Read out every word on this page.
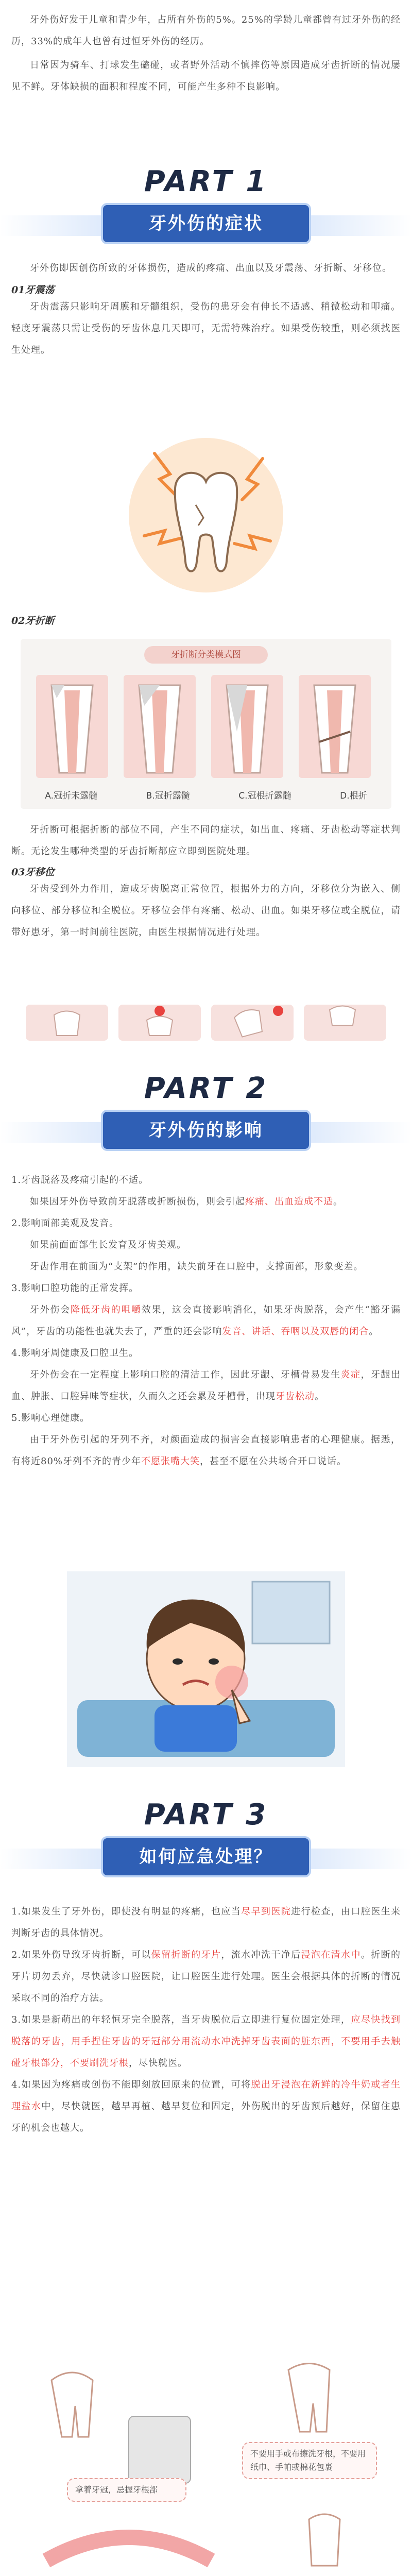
牙外伤好发于儿童和青少年，占所有外伤的5%。25%的学龄儿童都曾有过牙外伤的经历，33%的成年人也曾有过恒牙外伤的经历。

日常因为骑车、打球发生磕碰，或者野外活动不慎摔伤等原因造成牙齿折断的情况屡见不鲜。牙体缺损的面积和程度不同，可能产生多种不良影响。

PART 1
牙外伤的症状

牙外伤即因创伤所致的牙体损伤，造成的疼痛、出血以及牙震荡、牙折断、牙移位。

01牙震荡

牙齿震荡只影响牙周膜和牙髓组织，受伤的患牙会有伸长不适感、稍微松动和叩痛。轻度牙震荡只需让受伤的牙齿休息几天即可，无需特殊治疗。如果受伤较重，则必须找医生处理。

02牙折断
牙折断分类模式图
A.冠折未露髓	B.冠折露髓	C.冠根折露髓	D.根折

牙折断可根据折断的部位不同，产生不同的症状，如出血、疼痛、牙齿松动等症状判断。无论发生哪种类型的牙齿折断都应立即到医院处理。

03牙移位

牙齿受到外力作用，造成牙齿脱离正常位置，根据外力的方向，牙移位分为嵌入、侧向移位、部分移位和全脱位。牙移位会伴有疼痛、松动、出血。如果牙移位或全脱位，请带好患牙，第一时间前往医院，由医生根据情况进行处理。

PART 2
牙外伤的影响

1.牙齿脱落及疼痛引起的不适。

如果因牙外伤导致前牙脱落或折断损伤，则会引起疼痛、出血造成不适。

2.影响面部美观及发音。

如果前面面部生长发育及牙齿美观。

牙齿作用在前面为“支架”的作用，缺失前牙在口腔中，支撑面部，形象变差。

3.影响口腔功能的正常发挥。

牙外伤会降低牙齿的咀嚼效果，这会直接影响消化，如果牙齿脱落，会产生“豁牙漏风”，牙齿的功能性也就失去了，严重的还会影响发音、讲话、吞咽以及双唇的闭合。

4.影响牙周健康及口腔卫生。

牙外伤会在一定程度上影响口腔的清洁工作，因此牙龈、牙槽骨易发生炎症，牙龈出血、肿胀、口腔异味等症状，久而久之还会累及牙槽骨，出现牙齿松动。

5.影响心理健康。

由于牙外伤引起的牙列不齐，对颜面造成的损害会直接影响患者的心理健康。据悉，有将近80%牙列不齐的青少年不愿张嘴大笑，甚至不愿在公共场合开口说话。

PART 3
如何应急处理？

1.如果发生了牙外伤，即使没有明显的疼痛，也应当尽早到医院进行检查，由口腔医生来判断牙齿的具体情况。

2.如果外伤导致牙齿折断，可以保留折断的牙片，流水冲洗干净后浸泡在清水中。折断的牙片切勿丢弃，尽快就诊口腔医院，让口腔医生进行处理。医生会根据具体的折断的情况采取不同的治疗方法。

3.如果是新萌出的年轻恒牙完全脱落，当牙齿脱位后立即进行复位固定处理，应尽快找到脱落的牙齿，用手捏住牙齿的牙冠部分用流动水冲洗掉牙齿表面的脏东西，不要用手去触碰牙根部分，不要刷洗牙根，尽快就医。

4.如果因为疼痛或创伤不能即刻放回原来的位置，可将脱出牙浸泡在新鲜的冷牛奶或者生理盐水中，尽快就医，越早再植、越早复位和固定，外伤脱出的牙齿预后越好，保留住患牙的机会也越大。

不要用手或布擦洗牙根，不要用纸巾、手帕或棉花包裹
拿着牙冠，忌握牙根部
